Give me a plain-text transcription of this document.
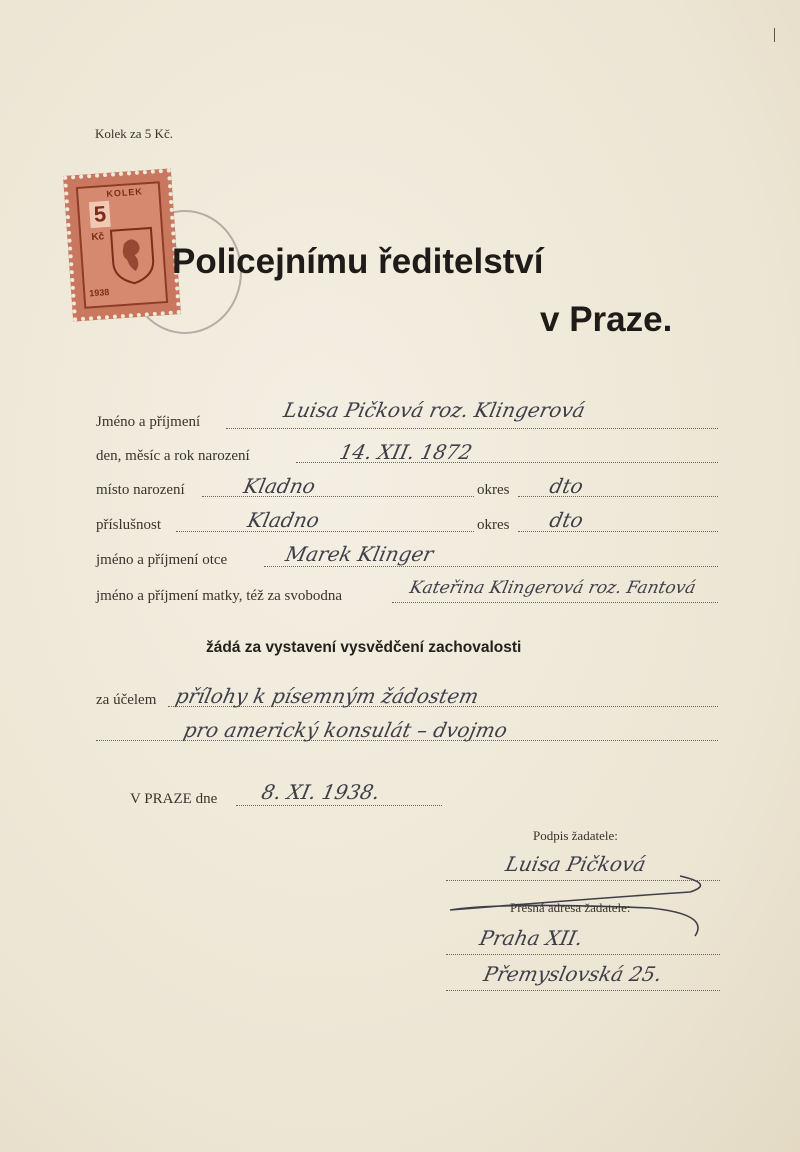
Kolek za 5 Kč.
KOLEK
5
Kč
1938
Policejnímu ředitelství
v Praze.
Jméno a příjmení	Luisa Pičková roz. Klingerová
den, měsíc a rok narození	14. XII. 1872
místo narození	Kladno	okres dto
příslušnost	Kladno	okres dto
jméno a příjmení otce	Marek Klinger
jméno a příjmení matky, též za svobodna	Kateřina Klingerová roz. Fantová
žádá za vystavení vysvědčení zachovalosti
za účelem přílohy k písemným žádostem
pro americký konsulát – dvojmo
V PRAZE dne 8. XI. 1938.
Podpis žadatele:
Luisa Pičková
Přesná adresa žadatele:
Praha XII.
Přemyslovská 25.
